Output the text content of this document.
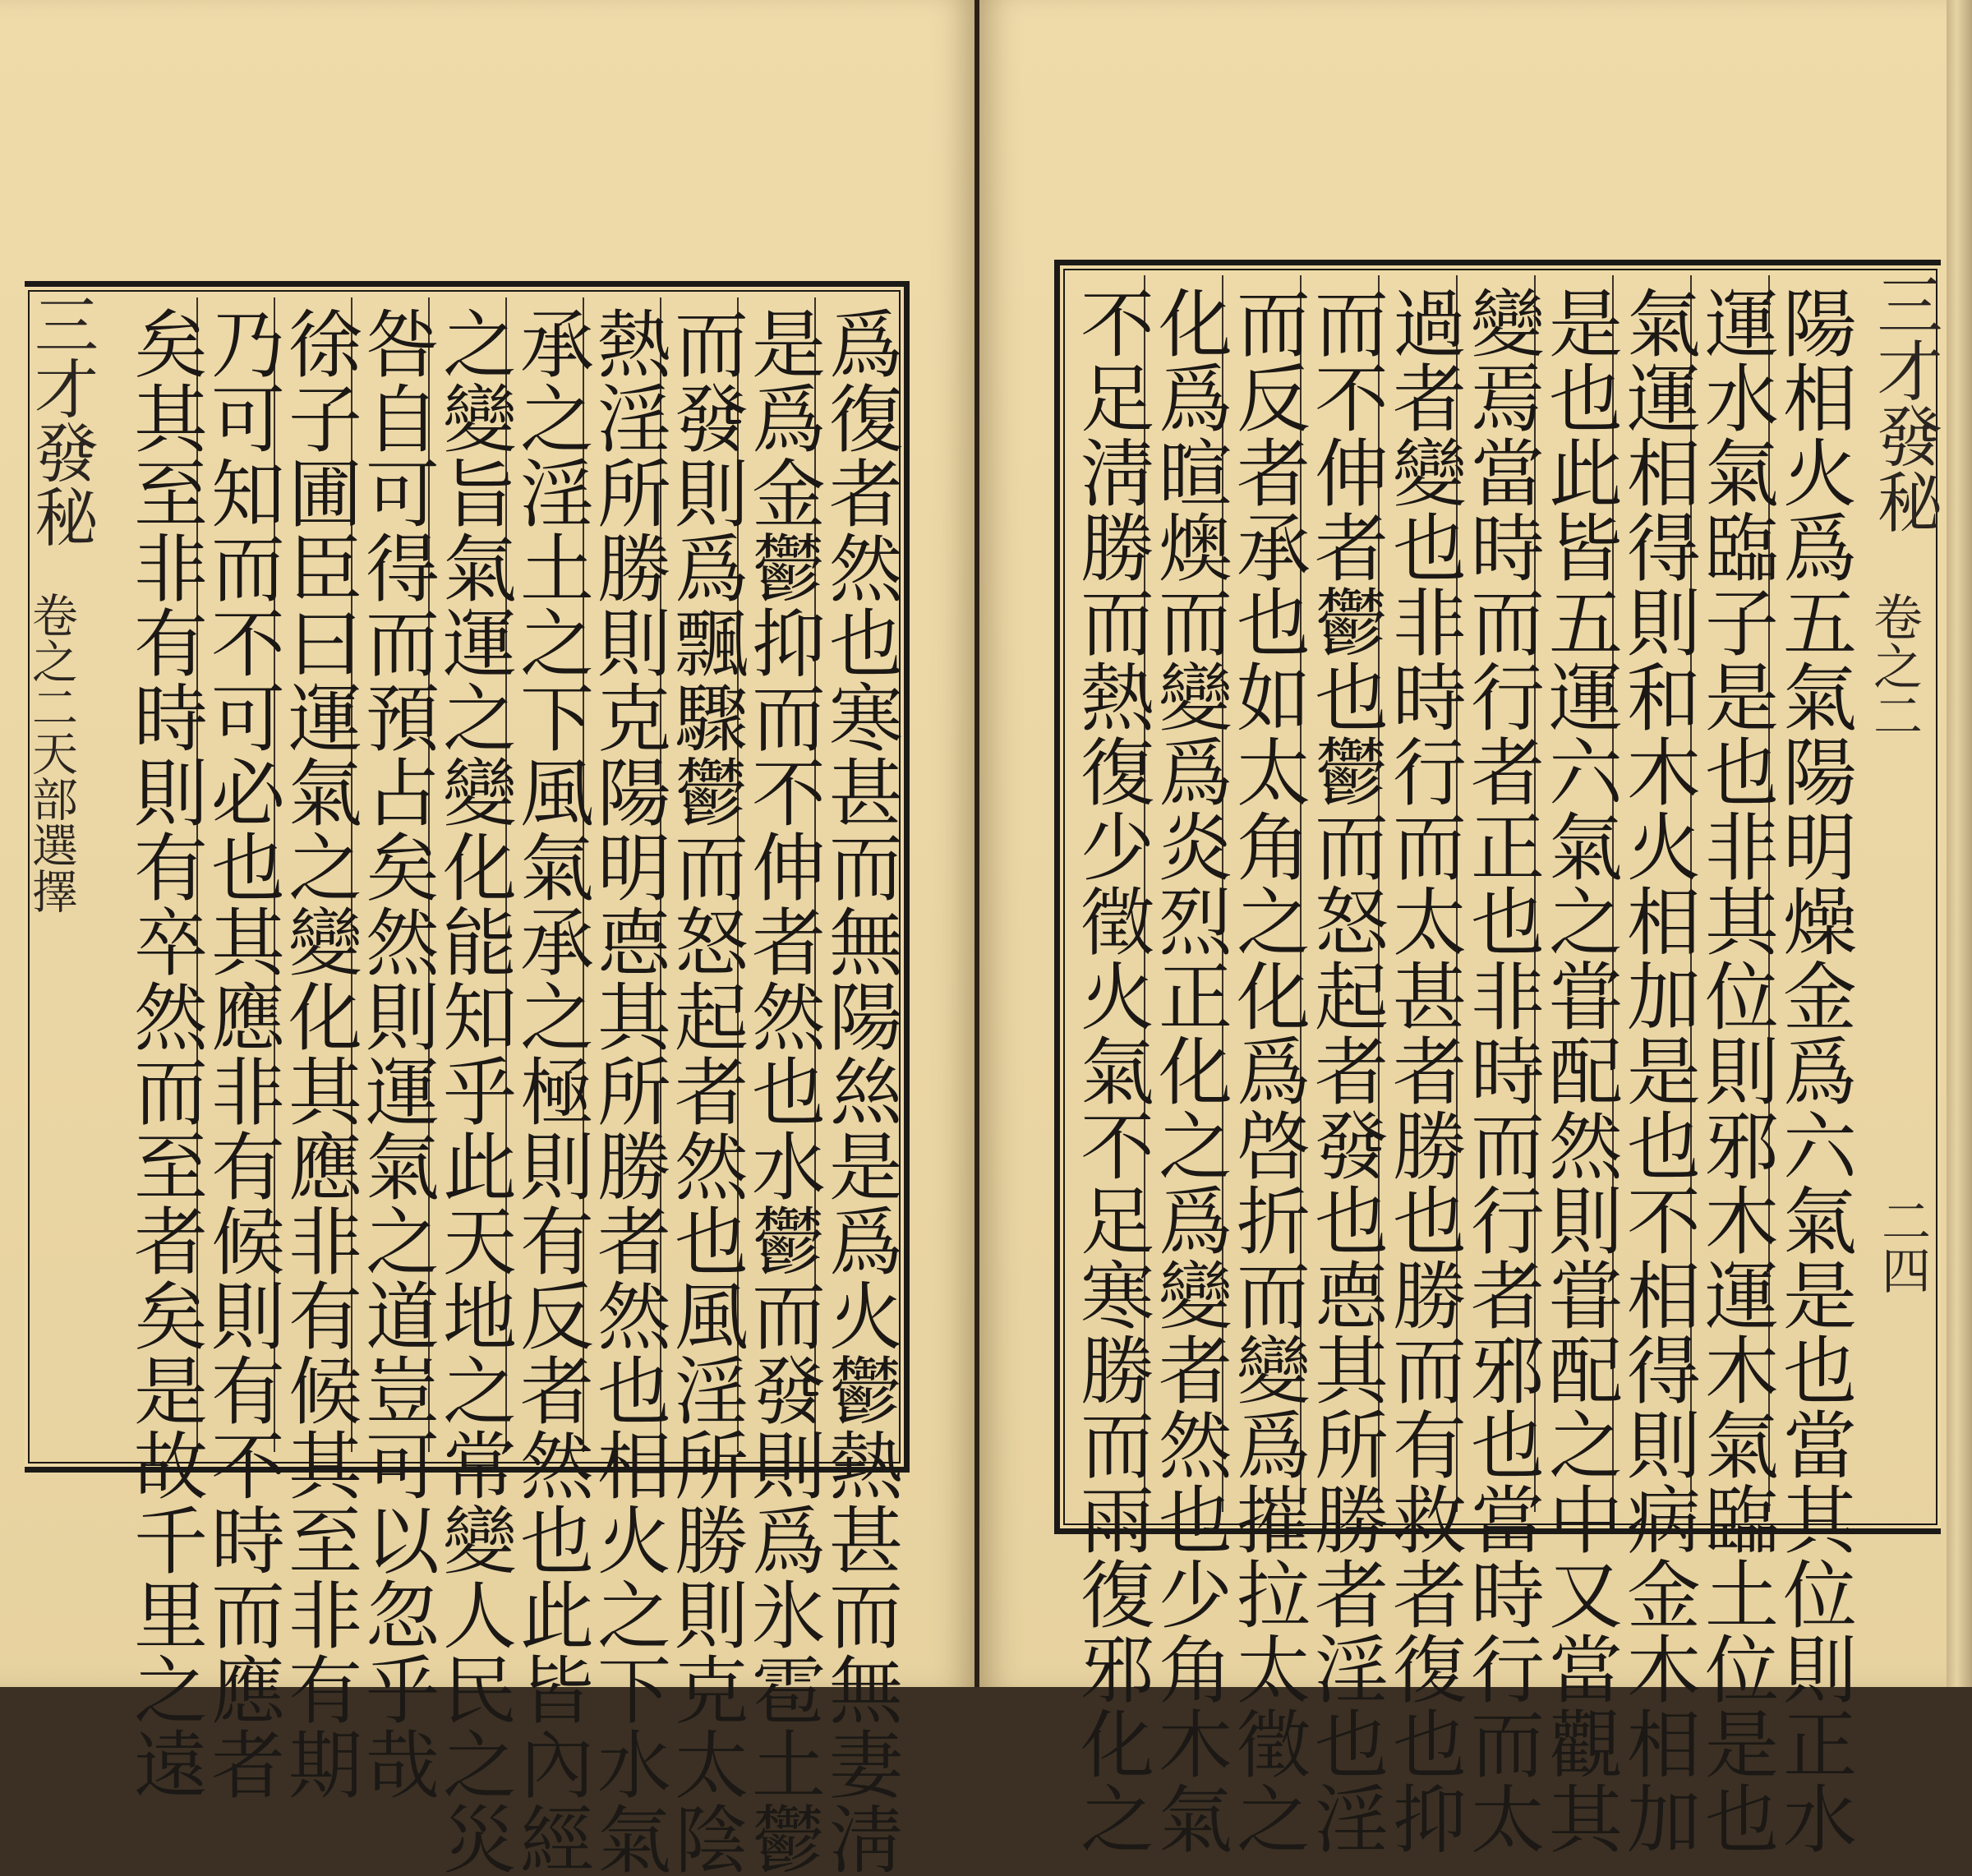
三才發秘
卷之二天部選擇	爲復者然也寒甚而無陽𢇁是爲火鬱熱甚而無妻淸
是爲金鬱抑而不伸者然也水鬱而發則爲氷雹土鬱
而發則爲飄驟鬱而怒起者然也風淫所勝則克太陰
熱淫所勝則克陽明㥁其所勝者然也相火之下水氣
承之淫土之下風氣承之極則有反者然也此皆內經
之變旨氣運之變化能知乎此天地之常變人民之災
咎自可得而預占矣然則運氣之道豈可以忽乎哉
徐子圃臣曰運氣之變化其應非有候其至非有期
乃可知而不可必也其應非有候則有不時而應者
矣其至非有時則有卒然而至者矣是故千里之遠	陽相火爲五氣陽明燥金爲六氣是也當其位則正水
運水氣臨子是也非其位則邪木運木氣臨土位是也
氣運相得則和木火相加是也不相得則病金木相加
是也此皆五運六氣之甞配然則甞配之中又當觀其
變焉當時而行者正也非時而行者邪也當時行而太
過者變也非時行而太甚者勝也勝而有救者復也抑
而不伸者鬱也鬱而怒起者發也㥁其所勝者淫也淫
而反者承也如太角之化爲啓折而變爲摧拉太徵之
化爲暄燠而變爲炎烈正化之爲變者然也少角木氣
不足淸勝而熱復少徵火氣不足寒勝而雨復邪化之	三才發秘
卷之二
二四
